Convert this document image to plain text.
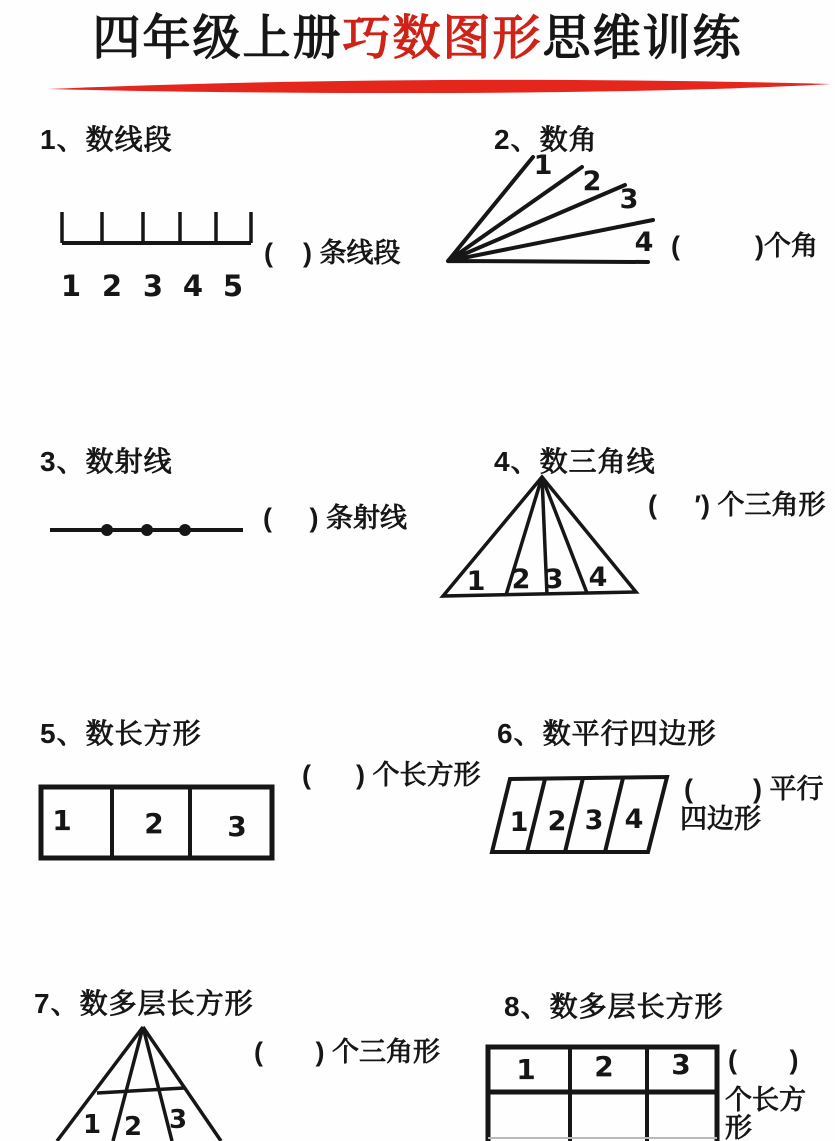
四年级上册巧数图形思维训练
1、数线段
1 2 3 4 5
(    ) 条线段
2、数角
1
2
3
4 (          )个角
3、数射线
(     ) 条射线
4、数三角线
1 2 3 4
(     ′) 个三角形
5、数长方形
1	2 3
(      ) 个长方形
6、数平行四边形
1 2 3 4
(        ) 平行
四边形
7、数多层长方形
1 2 3
(       ) 个三角形
8、数多层长方形
1 2 3 (       )
个长方
形
